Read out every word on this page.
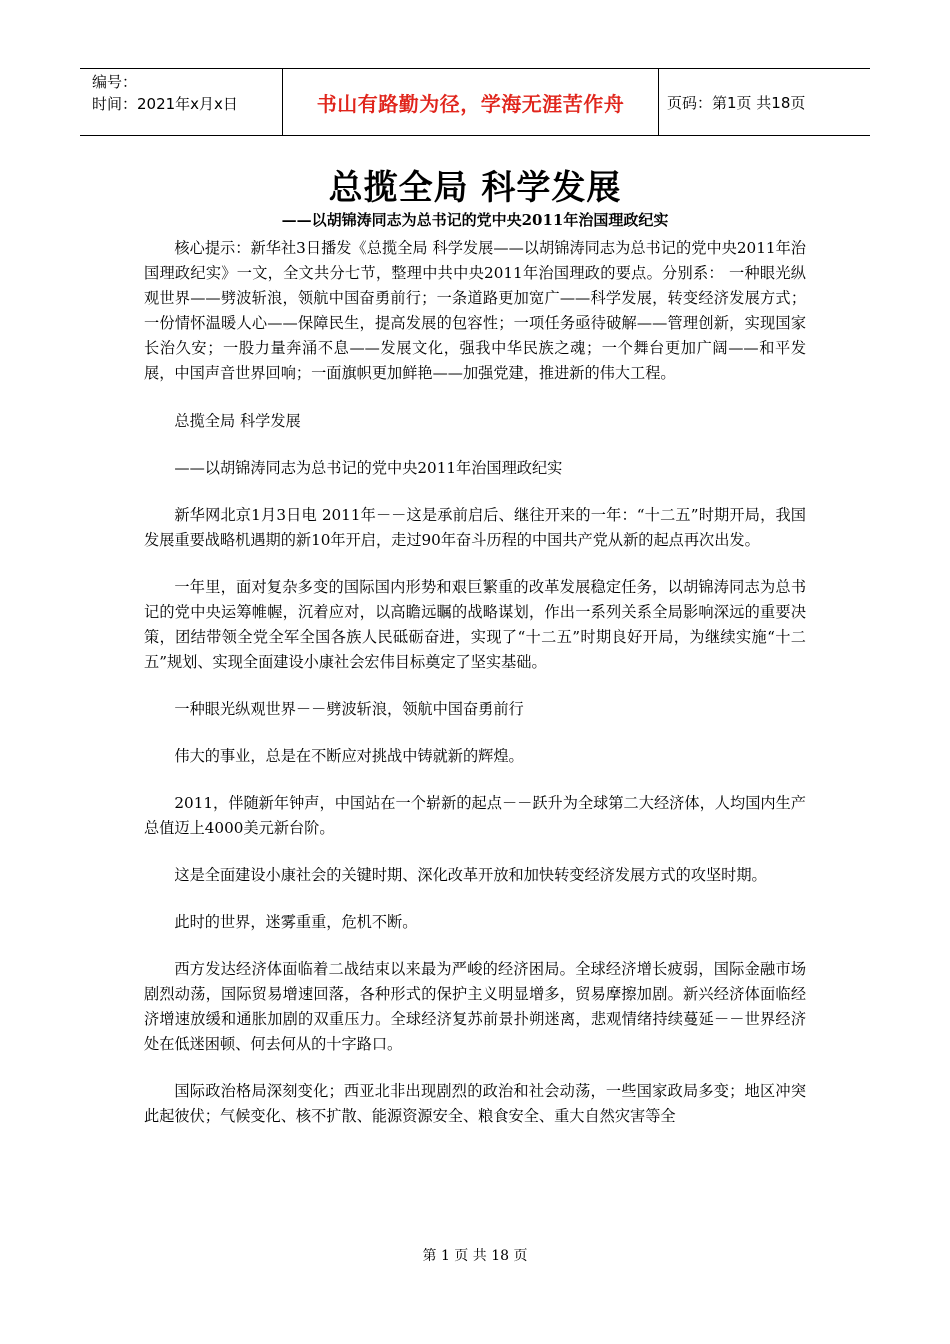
编号：
时间：2021年x月x日	书山有路勤为径，学海无涯苦作舟	页码：第1页 共18页
总揽全局 科学发展
——以胡锦涛同志为总书记的党中央2011年治国理政纪实

核心提示：新华社3日播发《总揽全局 科学发展——以胡锦涛同志为总书记的党中央2011年治国理政纪实》一文，全文共分七节，整理中共中央2011年治国理政的要点。分别系： 一种眼光纵观世界——劈波斩浪，领航中国奋勇前行；一条道路更加宽广——科学发展，转变经济发展方式；一份情怀温暖人心——保障民生，提高发展的包容性；一项任务亟待破解——管理创新，实现国家长治久安；一股力量奔涌不息——发展文化，强我中华民族之魂；一个舞台更加广阔——和平发展，中国声音世界回响；一面旗帜更加鲜艳——加强党建，推进新的伟大工程。

总揽全局 科学发展

——以胡锦涛同志为总书记的党中央2011年治国理政纪实

新华网北京1月3日电 2011年－－这是承前启后、继往开来的一年：“十二五”时期开局，我国发展重要战略机遇期的新10年开启，走过90年奋斗历程的中国共产党从新的起点再次出发。

一年里，面对复杂多变的国际国内形势和艰巨繁重的改革发展稳定任务，以胡锦涛同志为总书记的党中央运筹帷幄，沉着应对，以高瞻远瞩的战略谋划，作出一系列关系全局影响深远的重要决策，团结带领全党全军全国各族人民砥砺奋进，实现了“十二五”时期良好开局，为继续实施“十二五”规划、实现全面建设小康社会宏伟目标奠定了坚实基础。

一种眼光纵观世界－－劈波斩浪，领航中国奋勇前行

伟大的事业，总是在不断应对挑战中铸就新的辉煌。

2011，伴随新年钟声，中国站在一个崭新的起点－－跃升为全球第二大经济体，人均国内生产总值迈上4000美元新台阶。

这是全面建设小康社会的关键时期、深化改革开放和加快转变经济发展方式的攻坚时期。

此时的世界，迷雾重重，危机不断。

西方发达经济体面临着二战结束以来最为严峻的经济困局。全球经济增长疲弱，国际金融市场剧烈动荡，国际贸易增速回落，各种形式的保护主义明显增多，贸易摩擦加剧。新兴经济体面临经济增速放缓和通胀加剧的双重压力。全球经济复苏前景扑朔迷离，悲观情绪持续蔓延－－世界经济处在低迷困顿、何去何从的十字路口。

国际政治格局深刻变化；西亚北非出现剧烈的政治和社会动荡，一些国家政局多变；地区冲突此起彼伏；气候变化、核不扩散、能源资源安全、粮食安全、重大自然灾害等全

第 1 页 共 18 页
